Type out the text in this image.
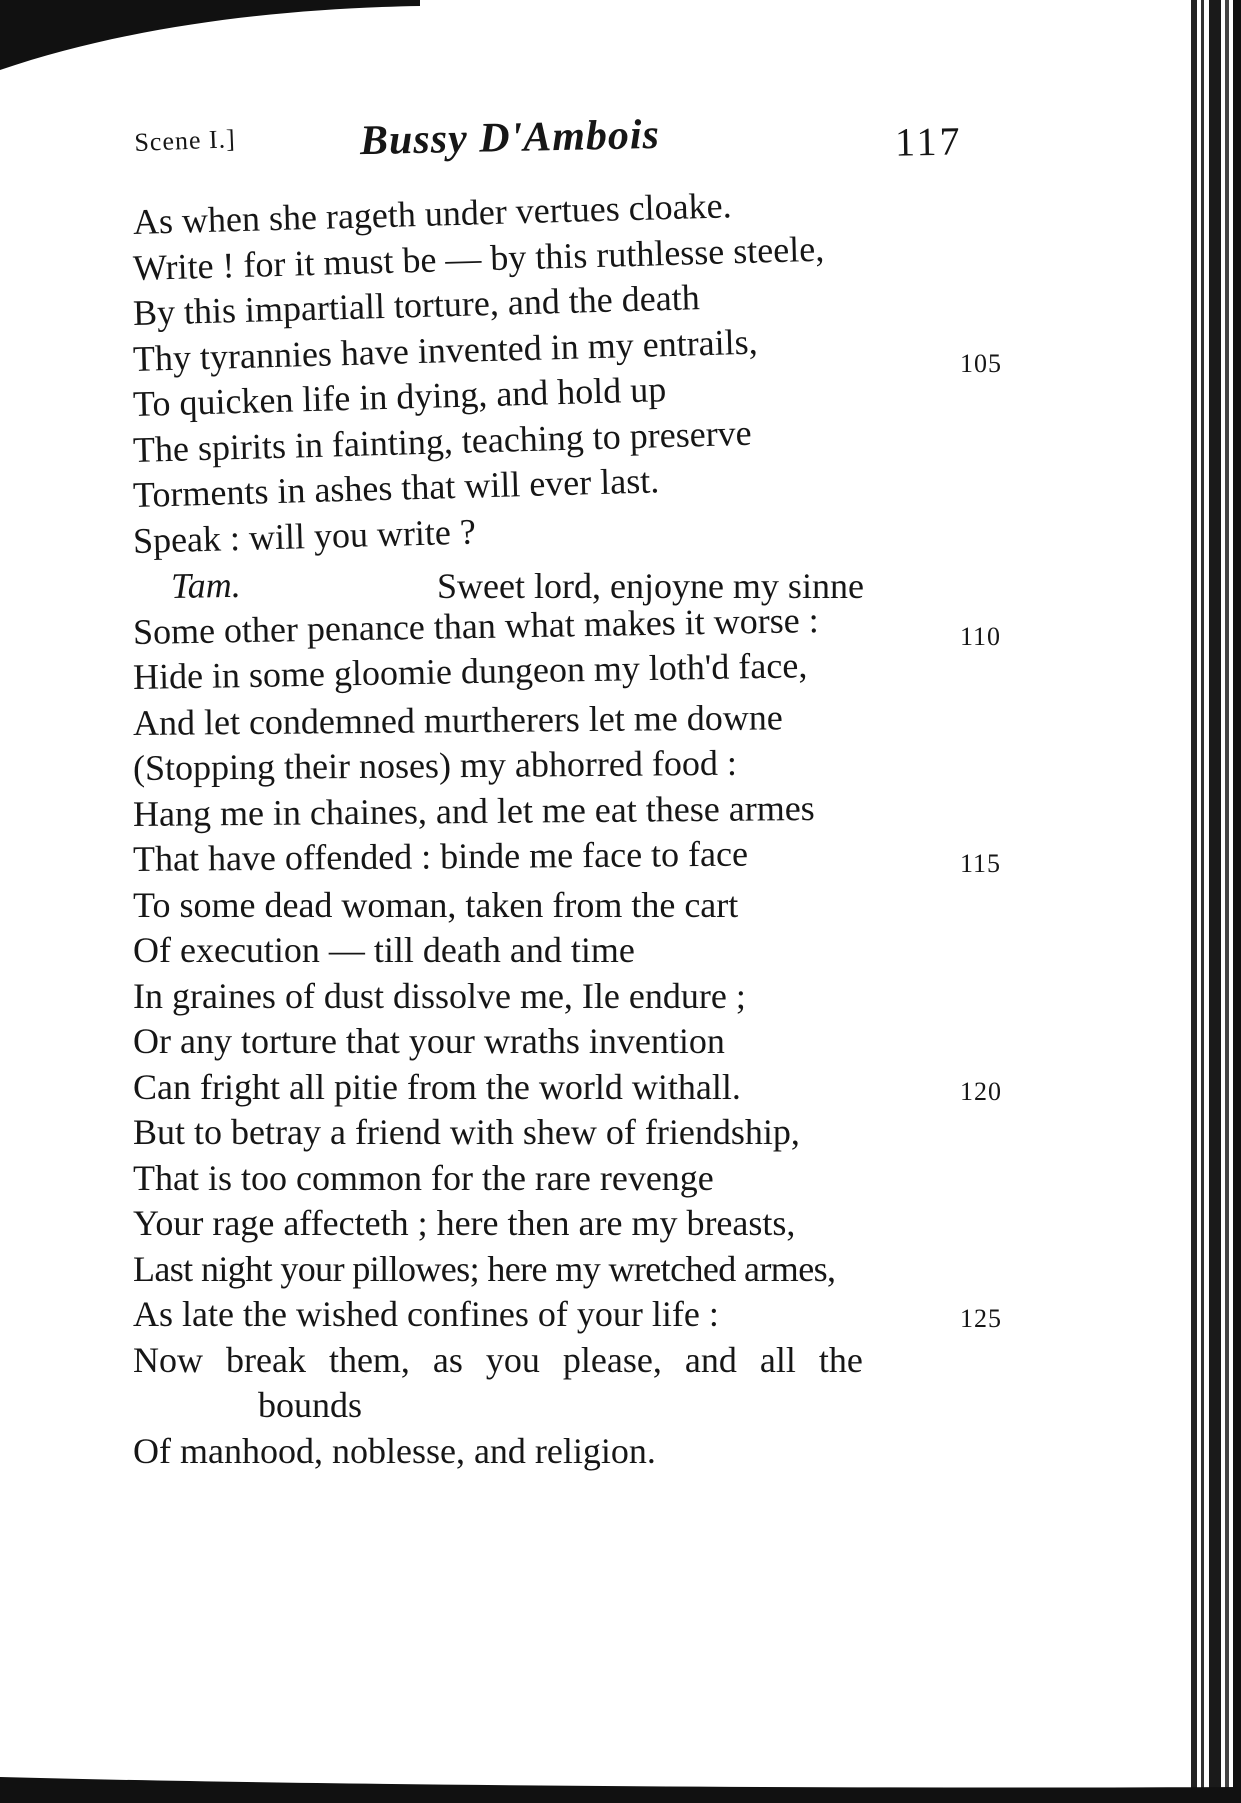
Scene I.]	Bussy D'Ambois	117
As when she rageth under vertues cloake.
Write ! for it must be — by this ruthlesse steele,
By this impartiall torture, and the death
Thy tyrannies have invented in my entrails,	105
To quicken life in dying, and hold up
The spirits in fainting, teaching to preserve
Torments in ashes that will ever last.
Speak : will you write ?
Tam.	Sweet lord, enjoyne my sinne
Some other penance than what makes it worse :	110
Hide in some gloomie dungeon my loth'd face,
And let condemned murtherers let me downe
(Stopping their noses) my abhorred food :
Hang me in chaines, and let me eat these armes
That have offended : binde me face to face	115
To some dead woman, taken from the cart
Of execution — till death and time
In graines of dust dissolve me, Ile endure ;
Or any torture that your wraths invention
Can fright all pitie from the world withall.	120
But to betray a friend with shew of friendship,
That is too common for the rare revenge
Your rage affecteth ; here then are my breasts,
Last night your pillowes; here my wretched armes,
As late the wished confines of your life :	125
Now break them, as you please, and all the
bounds
Of manhood, noblesse, and religion.
